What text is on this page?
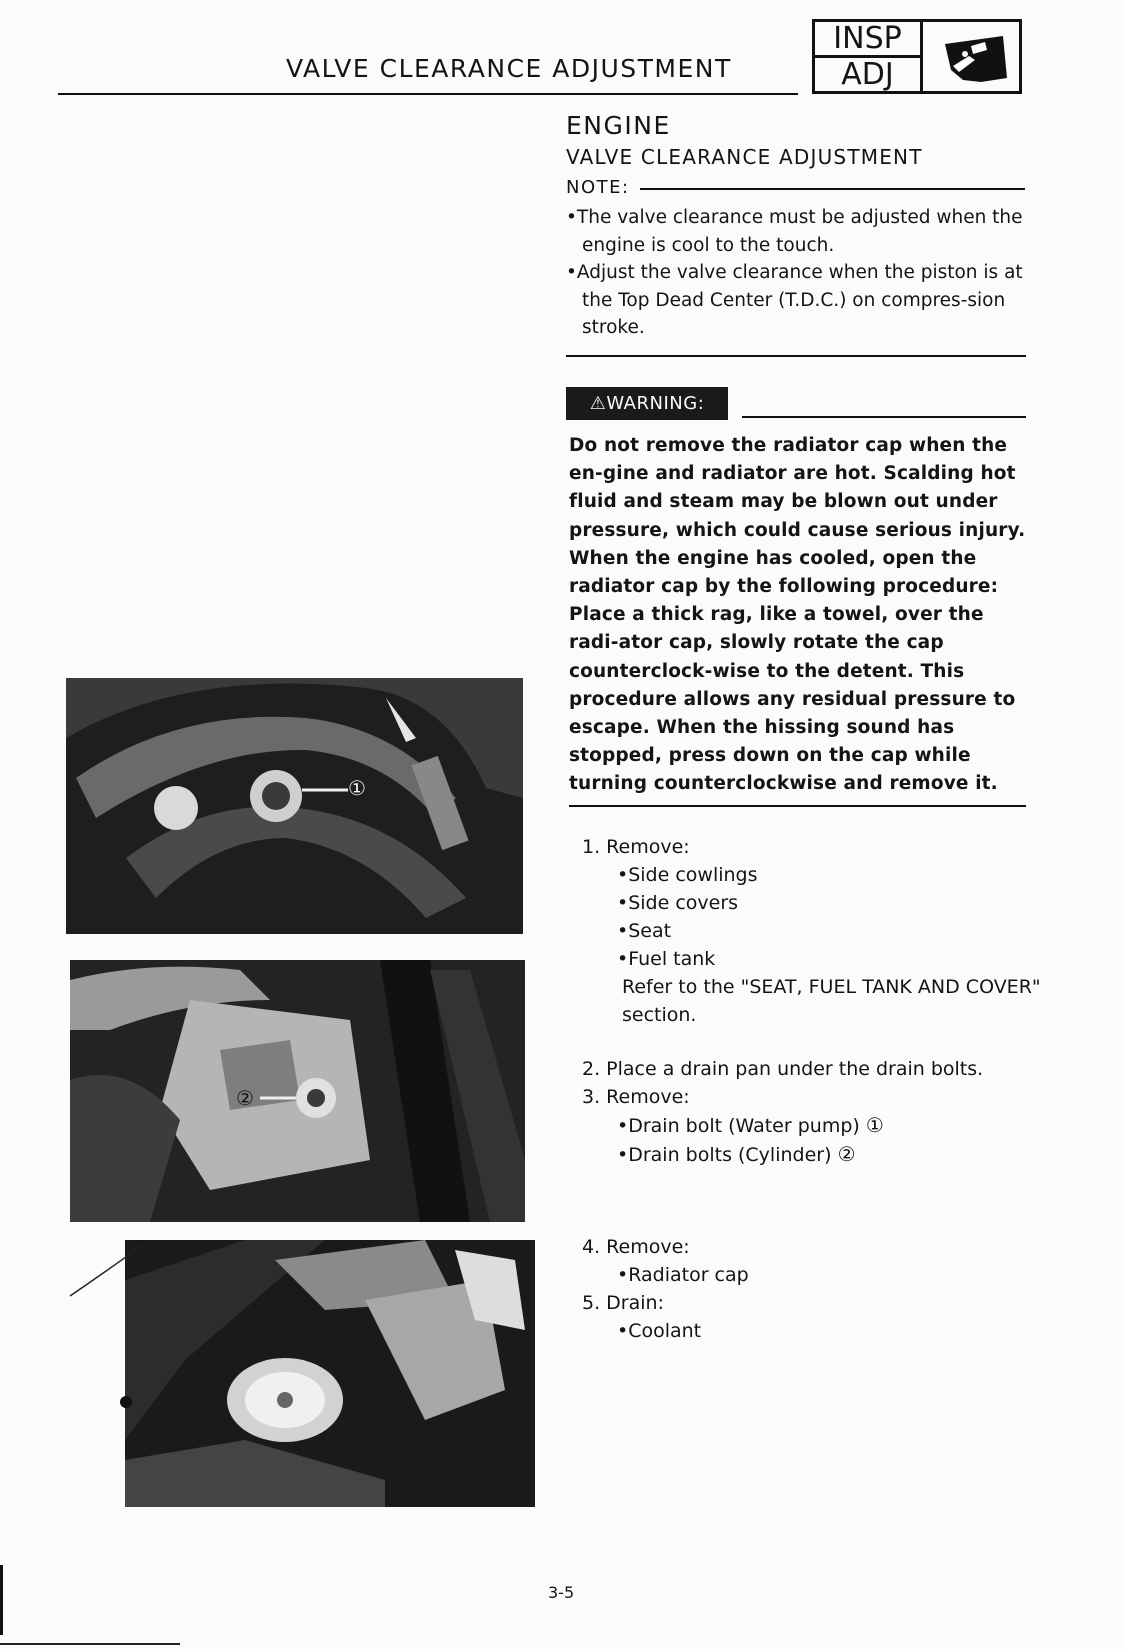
VALVE CLEARANCE ADJUSTMENT
INSP
ADJ
ENGINE
VALVE CLEARANCE ADJUSTMENT
NOTE:

•The valve clearance must be adjusted when the engine is cool to the touch.

•Adjust the valve clearance when the piston is at the Top Dead Center (T.D.C.) on compres-sion stroke.

⚠WARNING:

Do not remove the radiator cap when the en-gine and radiator are hot. Scalding hot fluid and steam may be blown out under pressure, which could cause serious injury. When the engine has cooled, open the radiator cap by the following procedure:

Place a thick rag, like a towel, over the radi-ator cap, slowly rotate the cap counterclock-wise to the detent. This procedure allows any residual pressure to escape. When the hissing sound has stopped, press down on the cap while turning counterclockwise and remove it.

1. Remove:
•Side cowlings
•Side covers
•Seat
•Fuel tank
Refer to the "SEAT, FUEL TANK AND COVER" section.
2. Place a drain pan under the drain bolts.
3. Remove:
•Drain bolt (Water pump) ①
•Drain bolts (Cylinder) ②
4. Remove:
•Radiator cap
5. Drain:
•Coolant
①
②
3-5
